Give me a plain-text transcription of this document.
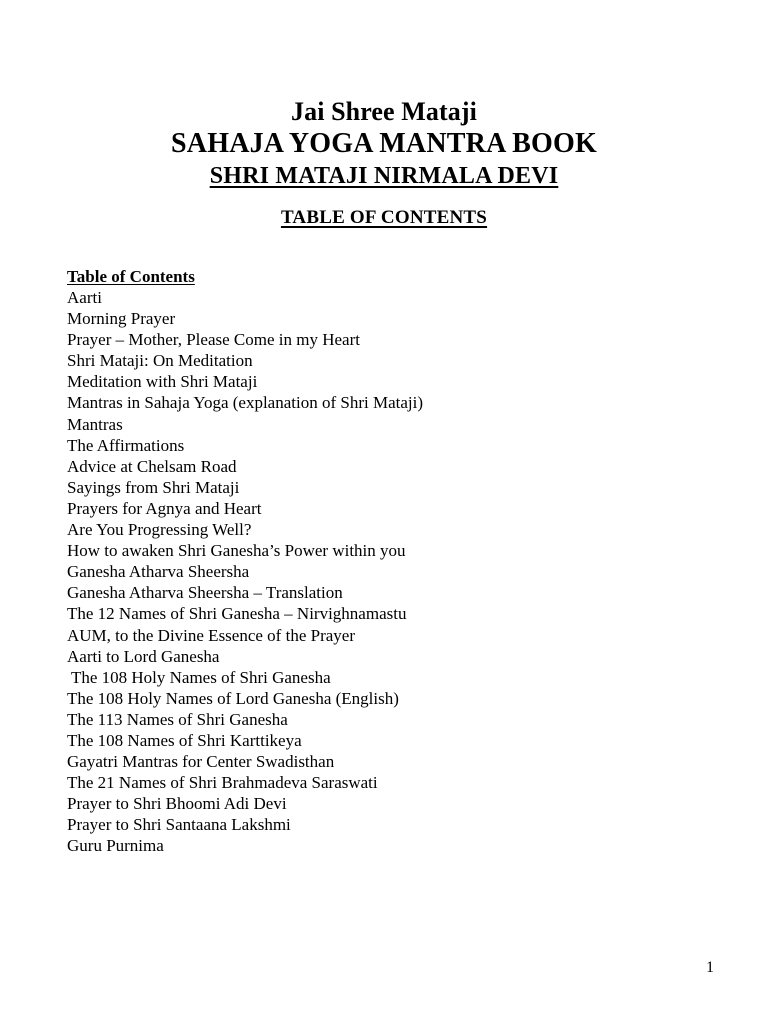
Jai Shree Mataji
SAHAJA YOGA MANTRA BOOK
SHRI MATAJI NIRMALA DEVI
TABLE OF CONTENTS
Table of Contents
Aarti
Morning Prayer
Prayer – Mother, Please Come in my Heart
Shri Mataji: On Meditation
Meditation with Shri Mataji
Mantras in Sahaja Yoga (explanation of Shri Mataji)
Mantras
The Affirmations
Advice at Chelsam Road
Sayings from Shri Mataji
Prayers for Agnya and Heart
Are You Progressing Well?
How to awaken Shri Ganesha’s Power within you
Ganesha Atharva Sheersha
Ganesha Atharva Sheersha – Translation
The 12 Names of Shri Ganesha – Nirvighnamastu
AUM, to the Divine Essence of the Prayer
Aarti to Lord Ganesha
The 108 Holy Names of Shri Ganesha
The 108 Holy Names of Lord Ganesha (English)
The 113 Names of Shri Ganesha
The 108 Names of Shri Karttikeya
Gayatri Mantras for Center Swadisthan
The 21 Names of Shri Brahmadeva Saraswati
Prayer to Shri Bhoomi Adi Devi
Prayer to Shri Santaana Lakshmi
Guru Purnima
1
